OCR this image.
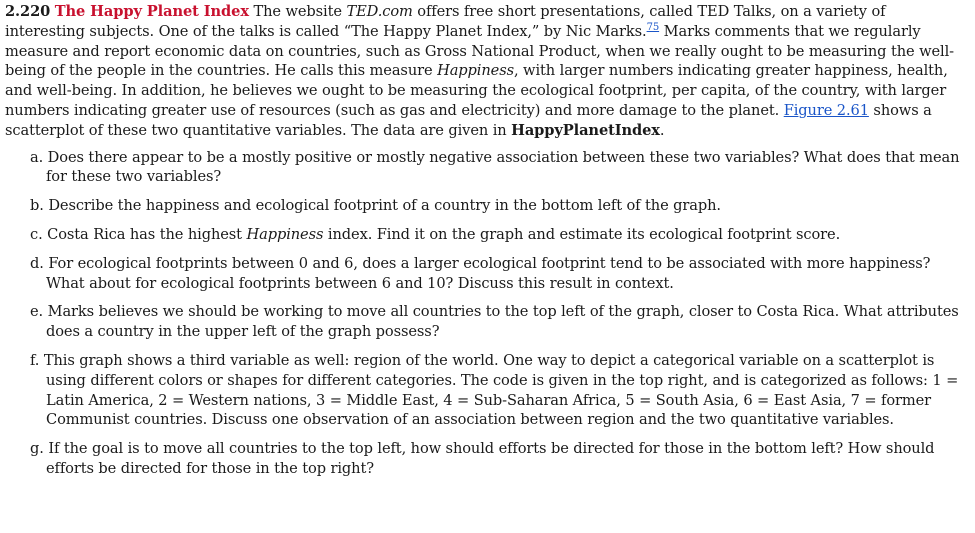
2.220 The Happy Planet Index The website TED.com offers free short presentations, called TED Talks, on a variety of interesting subjects. One of the talks is called “The Happy Planet Index,” by Nic Marks.$^{75}$ Marks comments that we regularly measure and report economic data on countries, such as Gross National Product, when we really ought to be measuring the well-being of the people in the countries. He calls this measure Happiness, with larger numbers indicating greater happiness, health, and well-being. In addition, he believes we ought to be measuring the ecological footprint, per capita, of the country, with larger numbers indicating greater use of resources (such as gas and electricity) and more damage to the planet. Figure 2.61 shows a scatterplot of these two quantitative variables. The data are given in HappyPlanetIndex.

a. Does there appear to be a mostly positive or mostly negative association between these two variables? What does that mean for these two variables?
b. Describe the happiness and ecological footprint of a country in the bottom left of the graph.
c. Costa Rica has the highest Happiness index. Find it on the graph and estimate its ecological footprint score.
d. For ecological footprints between 0 and 6, does a larger ecological footprint tend to be associated with more happiness? What about for ecological footprints between 6 and 10? Discuss this result in context.
e. Marks believes we should be working to move all countries to the top left of the graph, closer to Costa Rica. What attributes does a country in the upper left of the graph possess?
f. This graph shows a third variable as well: region of the world. One way to depict a categorical variable on a scatterplot is using different colors or shapes for different categories. The code is given in the top right, and is categorized as follows: 1 = Latin America, 2 = Western nations, 3 = Middle East, 4 = Sub-Saharan Africa, 5 = South Asia, 6 = East Asia, 7 = former Communist countries. Discuss one observation of an association between region and the two quantitative variables.
g. If the goal is to move all countries to the top left, how should efforts be directed for those in the bottom left? How should efforts be directed for those in the top right?
